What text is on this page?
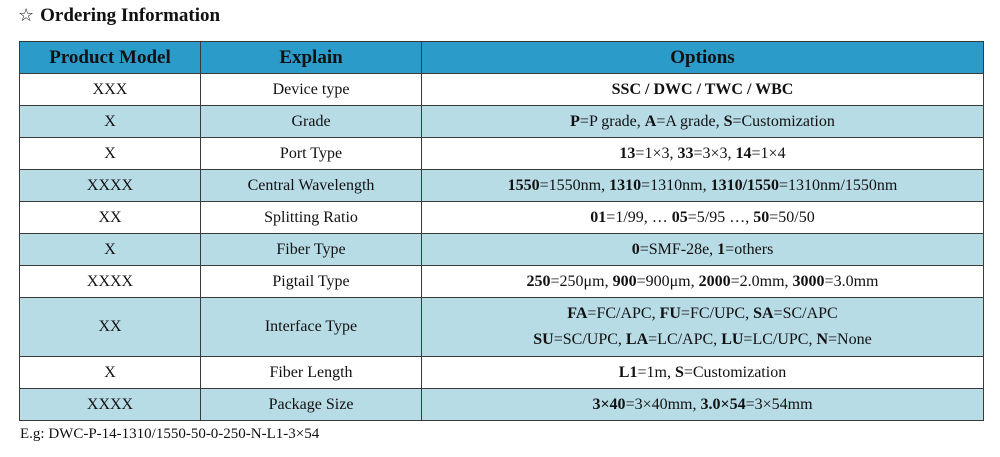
☆ Ordering Information
Product Model	Explain	Options
XXX	Device type	SSC / DWC / TWC / WBC

X	Grade	P=P grade, A=A grade, S=Customization

X	Port Type	13=1×3, 33=3×3, 14=1×4

XXXX	Central Wavelength	1550=1550nm, 1310=1310nm, 1310/1550=1310nm/1550nm

XX	Splitting Ratio	01=1/99, … 05=5/95 …, 50=50/50

X	Fiber Type	0=SMF-28e, 1=others

XXXX	Pigtail Type	250=250μm, 900=900μm, 2000=2.0mm, 3000=3.0mm

XX	Interface Type	FA=FC/APC, FU=FC/UPC, SA=SC/APC
SU=SC/UPC, LA=LC/APC, LU=LC/UPC, N=None

X	Fiber Length	L1=1m, S=Customization

XXXX	Package Size	3×40=3×40mm, 3.0×54=3×54mm
E.g: DWC-P-14-1310/1550-50-0-250-N-L1-3×54
